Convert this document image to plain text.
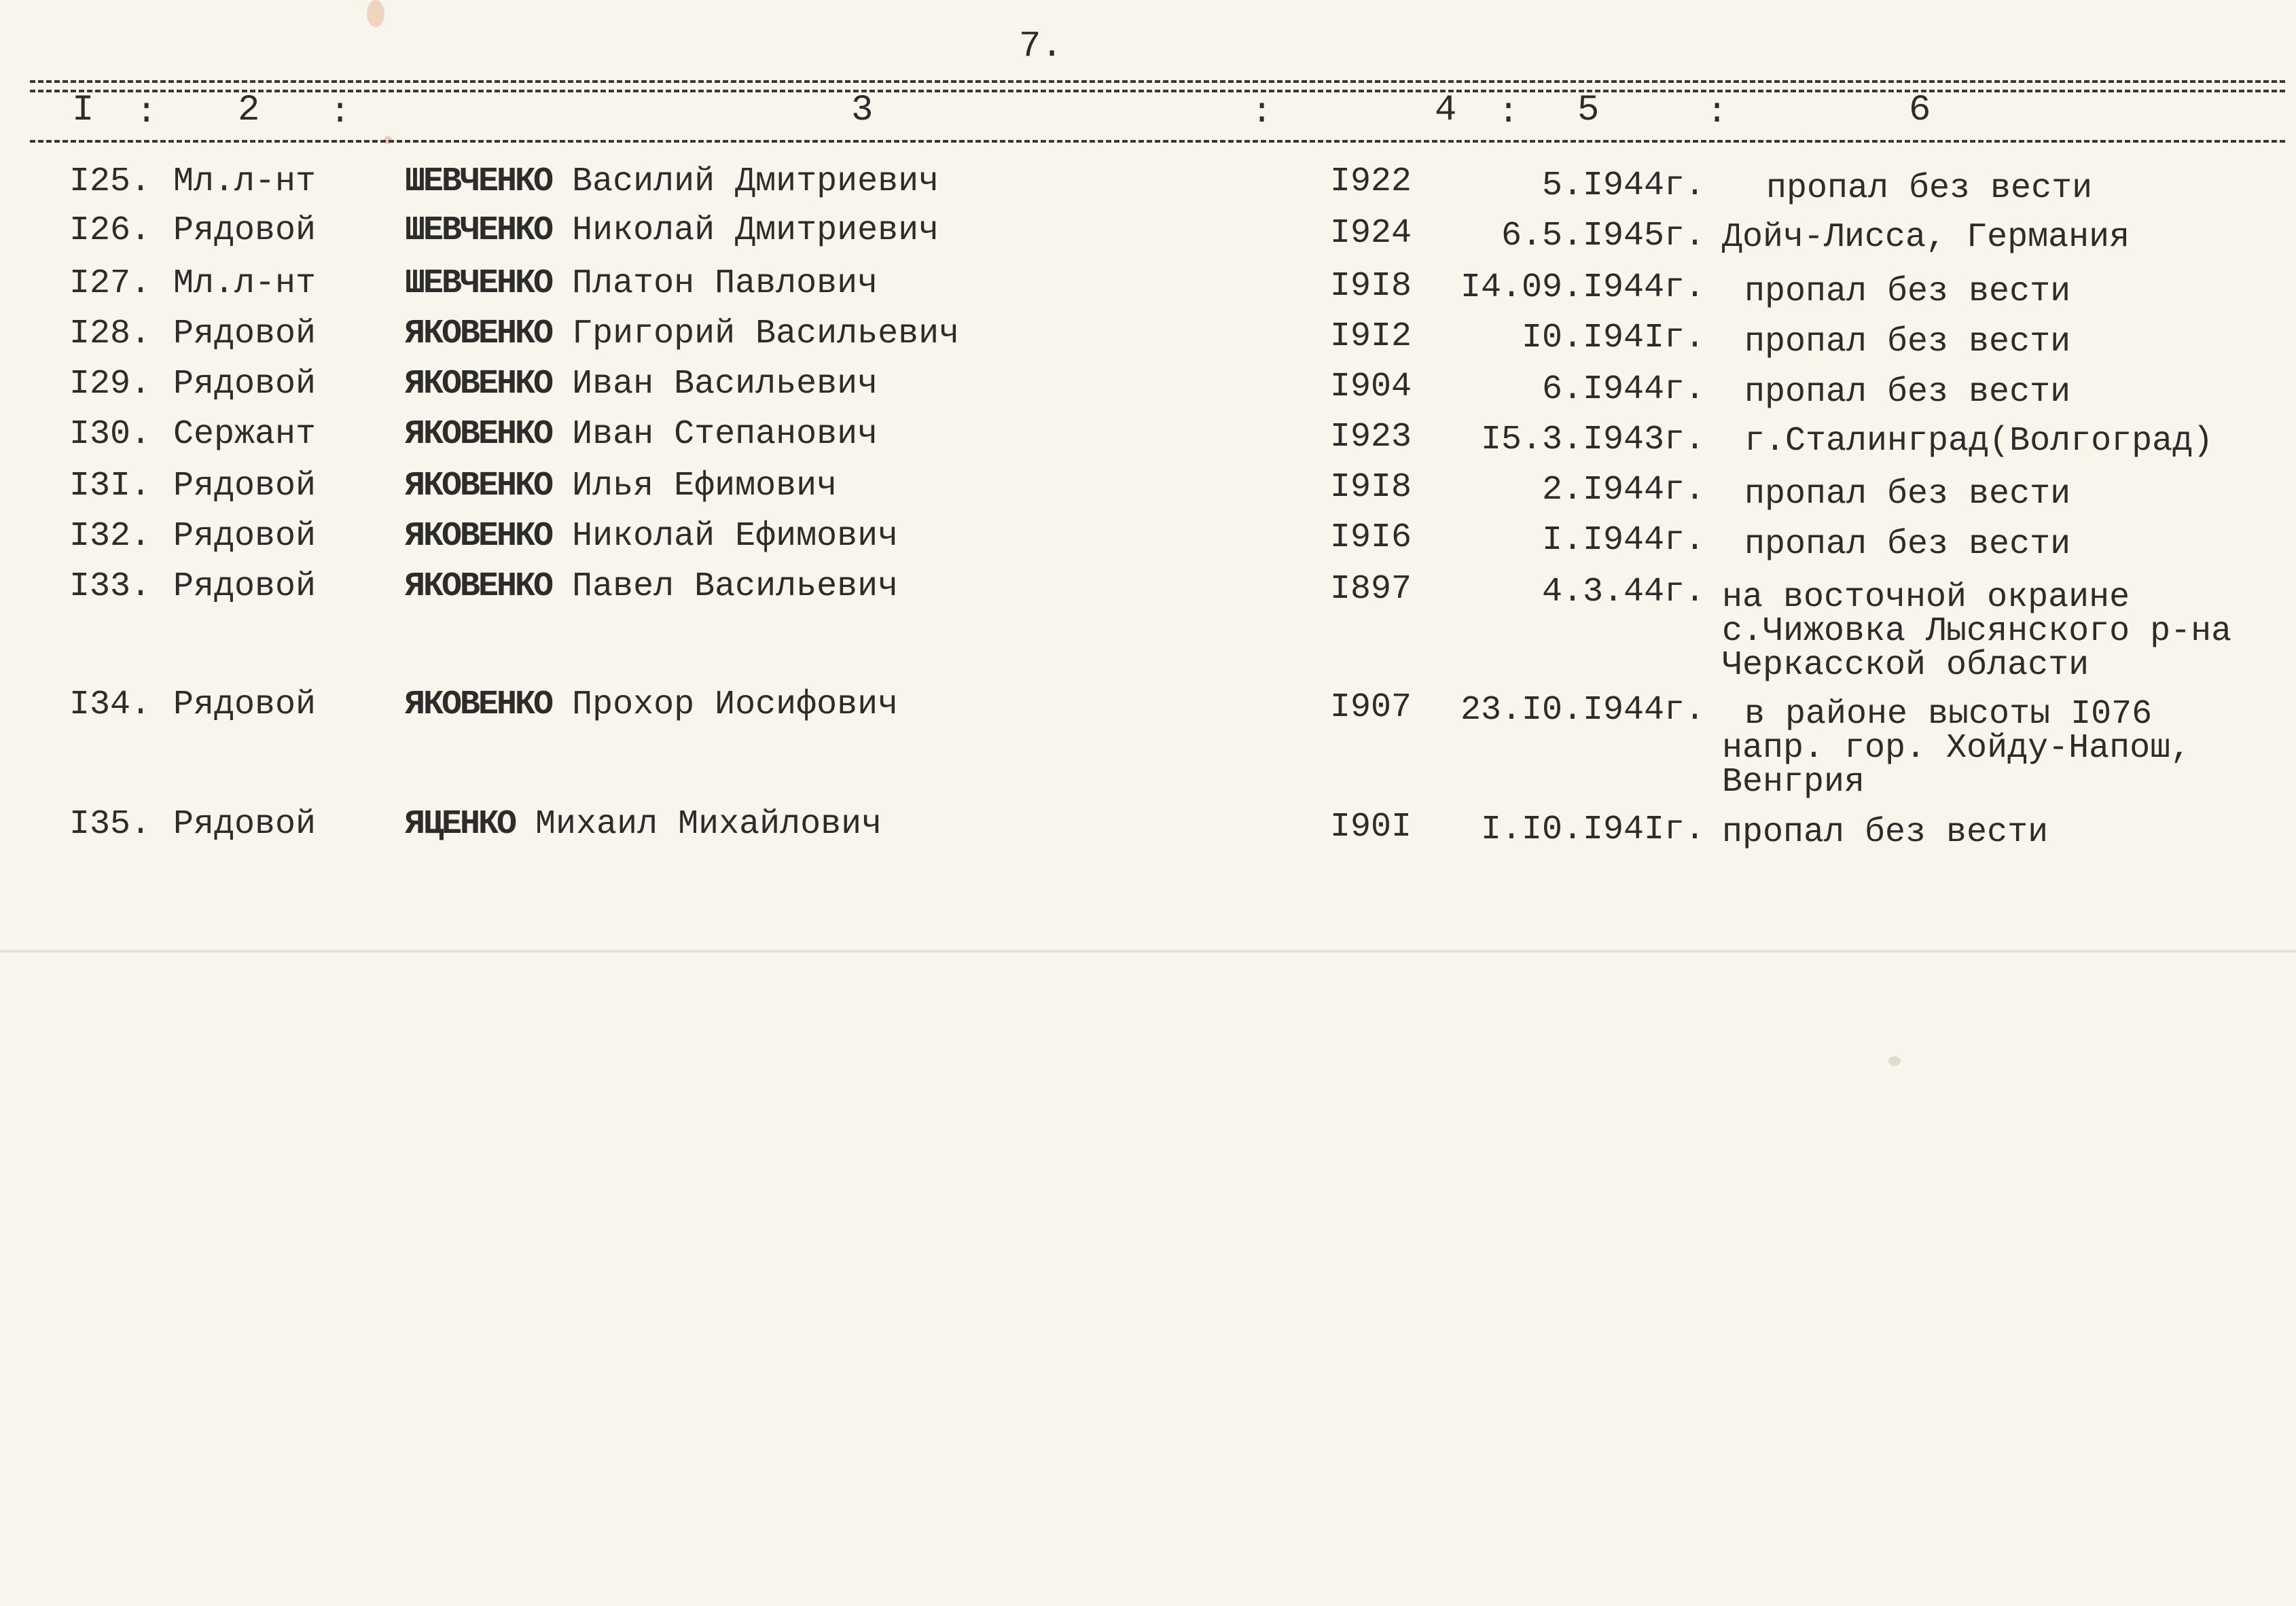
7.
I : 2 :	3	:	4 : 5	:	6
I25. Мл.л-нт	ШЕВЧЕНКО Василий Дмитриевич	I922	5.I944г. пропал без вести
I26. Рядовой	ШЕВЧЕНКО Николай Дмитриевич	I924	6.5.I945г. Дойч-Лисса, Германия
I27. Мл.л-нт	ШЕВЧЕНКО Платон Павлович	I9I8	I4.09.I944г. пропал без вести
I28. Рядовой	ЯКОВЕНКО Григорий Васильевич	I9I2	I0.I94Iг. пропал без вести
I29. Рядовой	ЯКОВЕНКО Иван Васильевич	I904	6.I944г. пропал без вести
I30. Сержант	ЯКОВЕНКО Иван Степанович	I923	I5.3.I943г. г.Сталинград(Волгоград)
I3I. Рядовой	ЯКОВЕНКО Илья Ефимович	I9I8	2.I944г. пропал без вести
I32. Рядовой	ЯКОВЕНКО Николай Ефимович	I9I6	I.I944г. пропал без вести
I33. Рядовой	ЯКОВЕНКО Павел Васильевич	I897	4.3.44г. на восточной окраине
с.Чижовка Лысянского р-на
Черкасской области
I34. Рядовой	ЯКОВЕНКО Прохор Иосифович	I907	23.I0.I944г. в районе высоты I076
напр. гор. Хойду-Напош,
Венгрия
I35. Рядовой	ЯЦЕНКО Михаил Михайлович	I90I	I.I0.I94Iг. пропал без вести
